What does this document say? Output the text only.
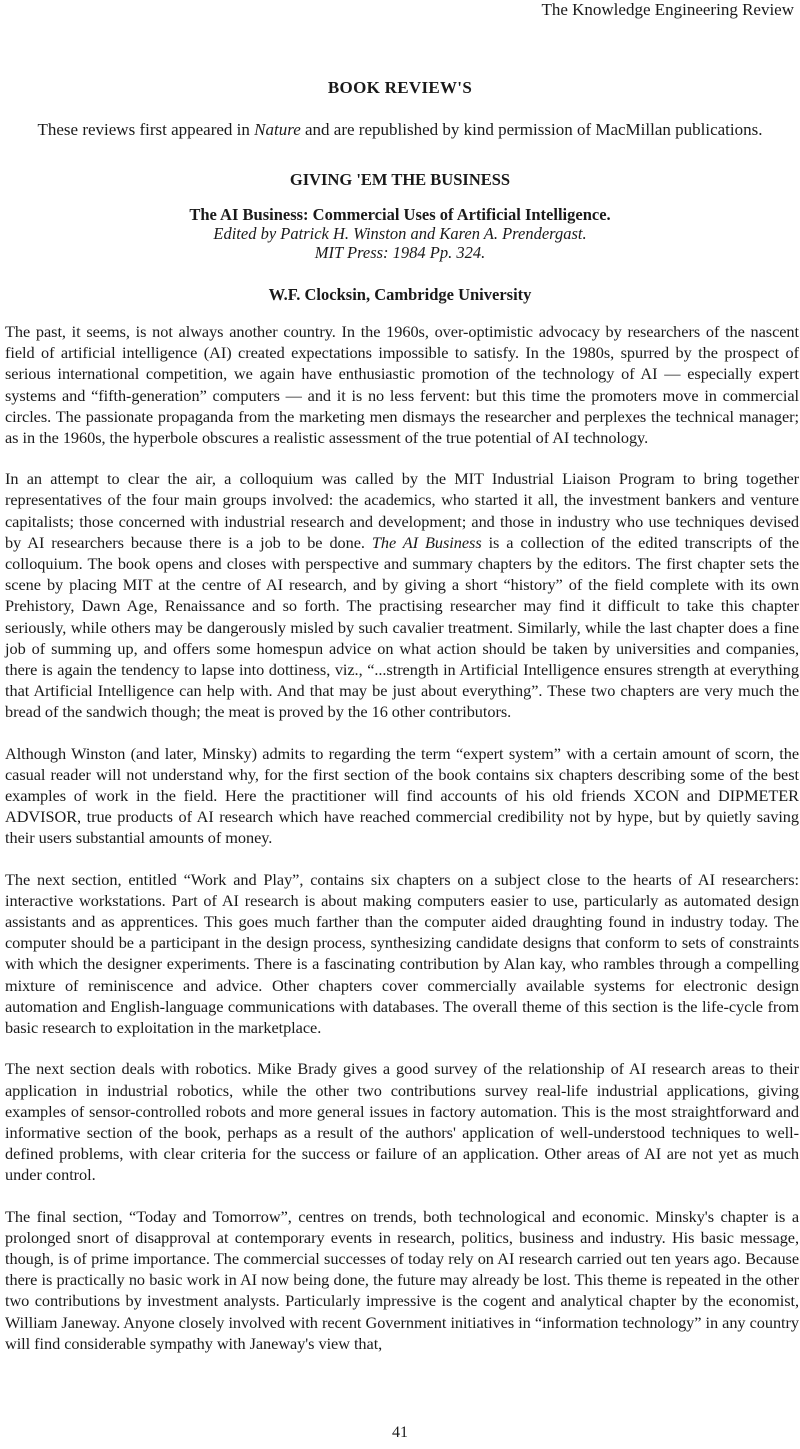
The Knowledge Engineering Review
BOOK REVIEW'S
These reviews first appeared in Nature and are republished by kind permission of MacMillan publications.
GIVING 'EM THE BUSINESS
The AI Business: Commercial Uses of Artificial Intelligence.
Edited by Patrick H. Winston and Karen A. Prendergast.
MIT Press: 1984 Pp. 324.
W.F. Clocksin, Cambridge University

The past, it seems, is not always another country. In the 1960s, over-optimistic advocacy by researchers of the nascent field of artificial intelligence (AI) created expectations impossible to satisfy. In the 1980s, spurred by the prospect of serious international competition, we again have enthusiastic promotion of the technology of AI — especially expert systems and “fifth-generation” computers — and it is no less fervent: but this time the promoters move in commercial circles. The passionate propaganda from the marketing men dismays the researcher and perplexes the technical manager; as in the 1960s, the hyperbole obscures a realistic assessment of the true potential of AI technology.

In an attempt to clear the air, a colloquium was called by the MIT Industrial Liaison Program to bring together representatives of the four main groups involved: the academics, who started it all, the investment bankers and venture capitalists; those concerned with industrial research and development; and those in industry who use techniques devised by AI researchers because there is a job to be done. The AI Business is a collection of the edited transcripts of the colloquium. The book opens and closes with perspective and summary chapters by the editors. The first chapter sets the scene by placing MIT at the centre of AI research, and by giving a short “history” of the field complete with its own Prehistory, Dawn Age, Renaissance and so forth. The practising researcher may find it difficult to take this chapter seriously, while others may be dangerously misled by such cavalier treatment. Similarly, while the last chapter does a fine job of summing up, and offers some homespun advice on what action should be taken by universities and companies, there is again the tendency to lapse into dottiness, viz., “...strength in Artificial Intelligence ensures strength at everything that Artificial Intelligence can help with. And that may be just about everything”. These two chapters are very much the bread of the sandwich though; the meat is proved by the 16 other contributors.

Although Winston (and later, Minsky) admits to regarding the term “expert system” with a certain amount of scorn, the casual reader will not understand why, for the first section of the book contains six chapters describing some of the best examples of work in the field. Here the practitioner will find accounts of his old friends XCON and DIPMETER ADVISOR, true products of AI research which have reached commercial credibility not by hype, but by quietly saving their users substantial amounts of money.

The next section, entitled “Work and Play”, contains six chapters on a subject close to the hearts of AI researchers: interactive workstations. Part of AI research is about making computers easier to use, particularly as automated design assistants and as apprentices. This goes much farther than the computer aided draughting found in industry today. The computer should be a participant in the design process, synthesizing candidate designs that conform to sets of constraints with which the designer experiments. There is a fascinating contribution by Alan kay, who rambles through a compelling mixture of reminiscence and advice. Other chapters cover commercially available systems for electronic design automation and English-language communications with databases. The overall theme of this section is the life-cycle from basic research to exploitation in the marketplace.

The next section deals with robotics. Mike Brady gives a good survey of the relationship of AI research areas to their application in industrial robotics, while the other two contributions survey real-life industrial applications, giving examples of sensor-controlled robots and more general issues in factory automation. This is the most straightforward and informative section of the book, perhaps as a result of the authors' application of well-understood techniques to well-defined problems, with clear criteria for the success or failure of an application. Other areas of AI are not yet as much under control.

The final section, “Today and Tomorrow”, centres on trends, both technological and economic. Minsky's chapter is a prolonged snort of disapproval at contemporary events in research, politics, business and industry. His basic message, though, is of prime importance. The commercial successes of today rely on AI research carried out ten years ago. Because there is practically no basic work in AI now being done, the future may already be lost. This theme is repeated in the other two contributions by investment analysts. Particularly impressive is the cogent and analytical chapter by the economist, William Janeway. Anyone closely involved with recent Government initiatives in “information technology” in any country will find considerable sympathy with Janeway's view that,

41
